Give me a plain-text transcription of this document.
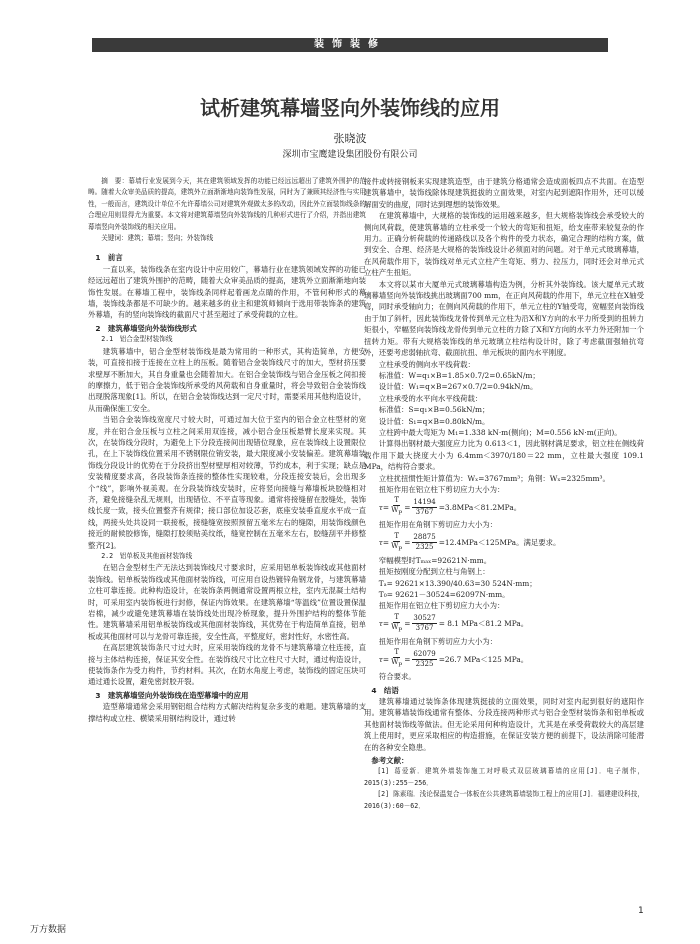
装饰装修
试析建筑幕墙竖向外装饰线的应用
张晓波
深圳市宝鹰建设集团股份有限公司

摘　要：幕墙行业发展到今天，其在建筑领域发挥的功能已经远远超出了建筑外围护的范畴。随着大众审美品质的提高，建筑外立面渐渐地向装饰性发展，同时为了兼顾其经济性与实用性，一般而言，建筑设计单位不允许幕墙公司对建筑外观做太多的改动，因此外立面装饰线条的合理应用则显得尤为重要。本文将对建筑幕墙竖向外装饰线的几种形式进行了介绍，并指出建筑幕墙竖向外装饰线的相关应用。

关键词：建筑；幕墙；竖向；外装饰线

1　前言

一直以来，装饰线条在室内设计中应用较广，幕墙行业在建筑领域发挥的功能已经远远超出了建筑外围护的范畴，随着大众审美品质的提高，建筑外立面渐渐地向装饰性发展。在幕墙工程中，装饰线条同样起着画龙点睛的作用，不管何种形式的幕墙，装饰线条都是不可缺少的。越来越多的业主和建筑师倾向于选用带装饰条的建筑外幕墙，有的竖向装饰线的截面尺寸甚至超过了承受荷载的立柱。

2　建筑幕墙竖向外装饰线形式

2.1　铝合金型材装饰线

建筑幕墙中，铝合金型材装饰线是最为常用的一种形式，其构造简单，方便安装，可直接扣接于连接在立柱上的压板。随着铝合金装饰线尺寸的加大，型材挤压要求壁厚不断加大，其自身重量也会随着加大。在铝合金装饰线与铝合金压板之间扣接的摩擦力，低于铝合金装饰线所承受的风荷载和自身重量时，将会导致铝合金装饰线出现脱落现象[1]。所以，在铝合金装饰线达到一定尺寸时，需要采用其他构造设计，从而确保施工安全。

当铝合金装饰线宽度尺寸较大时，可通过加大位于室内的铝合金立柱型材的宽度，并在铝合金压板与立柱之间采用双连接，减小铝合金压板悬臂长度来实现。其次，在装饰线分段时，为避免上下分段连接间出现错位现象，应在装饰线上设置限位孔，在上下装饰线位置采用不锈钢限位销安装，最大限度减小安装偏差。建筑幕墙装饰线分段设计的优势在于分段挤出型材壁厚相对较薄，节约成本，利于实现；缺点是安装精度要求高，各段装饰条连接的整体性实现较难，分段连接安装后，会出现多个“线”，影响外视美观。在分段装饰线安装时，应将竖向接缝与幕墙板块胶缝相对齐，避免接缝杂乱无规则，出现错位、不平直等现象。通常将接缝留在胶缝处，装饰线长度一致，接头位置整齐有规律；接口部位加设芯套，底座安装垂直度水平成一直线，两接头处共设同一联接板，接缝缝宽按照预留五毫米左右的缝隙，用装饰线颜色接近的耐候胶修饰，缝隙打胶须贴美纹纸，缝宽控制在五毫米左右，胶缝刮平并修整整齐[2]。

2.2　铝单板及其他面材装饰线

在铝合金型材生产无法达到装饰线尺寸要求时，应采用铝单板装饰线或其他面材装饰线。铝单板装饰线或其他面材装饰线，可应用自设热镀锌角钢龙骨，与建筑幕墙立柱可靠连接。此种构造设计，在装饰条两侧通常设置两根立柱，室内无混凝土结构时，可采用室内装饰板进行封修，保证内饰效果。在建筑幕墙“等温线”位置设置保温岩棉，减少或避免建筑幕墙在装饰线处出现冷桥现象，提升外围护结构的整体节能性。建筑幕墙采用铝单板装饰线或其他面材装饰线，其优势在于构造简单直接，铝单板或其他面材可以与龙骨可靠连接，安全性高，平整度好，密封性好，水密性高。

在高层建筑装饰条尺寸过大时，应采用装饰线的龙骨不与建筑幕墙立柱连接，直接与主体结构连接，保证其安全性。在装饰线尺寸比立柱尺寸大时，通过构造设计，使装饰条作为受力构件，节约材料。其次，在防水角度上考虑，装饰线的固定压块可通过通长设置，避免密封胶开裂。

3　建筑幕墙竖向外装饰线在造型幕墙中的应用

造型幕墙通常会采用钢铝组合结构方式解决结构复杂多变的难题。建筑幕墙的支撑结构或立柱、横梁采用钢结构设计，通过转

接件或转接钢板来实现建筑造型，由于建筑分格通常会造成面板四点不共面。在造型建筑幕墙中，装饰线除体现建筑挺拔的立面效果，对室内起到遮阳作用外，还可以缓解面安的曲度，同时达到理想的装饰效果。

在建筑幕墙中，大规格的装饰线的运用越来越多，但大规格装饰线会承受较大的侧向风荷载，使建筑幕墙的立柱承受一个较大的弯矩和扭矩，给支座带来较复杂的作用力。正确分析荷载的传递路线以及各个构件的受力状态，确定合理的结构方案，做到安全、合理、经济是大规格的装饰线设计必须面对的问题。对于单元式玻璃幕墙，在风荷载作用下，装饰线对单元式立柱产生弯矩、剪力、拉压力，同时还会对单元式立柱产生扭矩。

本文将以某市大厦单元式玻璃幕墙构造为例，分析其外装饰线。该大厦单元式玻璃幕墙竖向外装饰线挑出玻璃面700 mm，在正向风荷载的作用下，单元立柱在X轴受弯，同时承受轴向力；在侧向风荷载的作用下，单元立柱的Y轴受弯，宽幅竖向装饰线由于加了斜杆，因此装饰线龙骨传到单元立柱为沿X和Y方向的水平力所受到的扭转力矩很小，窄幅竖向装饰线龙骨传到单元立柱的力除了X和Y方向的水平力外还附加一个扭转力矩。带有大规格装饰线的单元玻璃立柱结构设计时，除了考虑截面强轴抗弯外，还要考虑弱轴抗弯、截面抗扭、单元板块的面内水平刚度。

立柱承受的侧向水平线荷载：

标准值：W=q₁×B=1.85×0.7/2=0.65kN/m；

设计值：W₁=q×B=267×0.7/2=0.94kN/m。

立柱承受的水平向水平线荷载：

标准值：S=q₁×B=0.56kN/m；

设计值：S₁=q×B=0.80kN/m。

立柱跨中最大弯矩为 M₁=1.338 kN·m(侧向)；M=0.556 kN·m(正向)。

计算得出钢材最大强度应力比为 0.613＜1，因此钢材满足要求，铝立柱在侧线荷载作用下最大挠度大小为 6.4mm＜3970/180＝22 mm，立柱最大强度 109.1 MPa，结构符合要求。

立柱扰扭惯性矩计算值为：Wₓ=3767mm³；角钢：Wₓ=2325mm³。

扭矩作用在铝立柱下剪切应力大小为：

$\tau = \frac{T}{W_P} = \frac{14194}{3767} =3.8MPa<81.2MPa$。

扭矩作用在角钢下剪切应力大小为：

$\tau = \frac{T}{W_P} = \frac{28875}{2325} =12.4MPa<125MPa$。满足要求。

窄幅模型时Tₘₐₓ=92621N·mm。

扭矩按刚度分配到立柱与角钢上：

Tₐ= 92621×13.390/40.63=30 524N·mm；

T₀= 92621－30524=62097N·mm。

扭矩作用在铝立柱下剪切应力大小为：

$\tau = \frac{T}{W_P} = \frac{30527}{3767} = 8.1$ MPa＜81.2 MPa。

扭矩作用在角钢下剪切应力大小为：

$\tau = \frac{T}{W_P} = \frac{62079}{2325} =26.7$ MPa＜125 MPa。

符合要求。

4　结语

建筑幕墙通过装饰条体现建筑挺拔的立面效果，同时对室内起到很好的遮阳作用。建筑幕墙装饰线通常有整体、分段连接两种形式与铝合金型材装饰条和铝单板或其他面材装饰线等做法。但无论采用何种构造设计，尤其是在承受荷载较大的高层建筑上使用时，更应采取相应的构造措施，在保证安装方便的前提下，设法消除可能潜在的各种安全隐患。

参考文献：

[1] 葛爱新．建筑外墙装饰施工对呼吸式双层玻璃幕墙的应用[J]．电子制作，2015(3):255－256．

[2] 陈素瑞．浅论保温复合一体板在公共建筑幕墙装饰工程上的应用[J]．福建建设科技，2016(3):60－62．

1
万方数据
